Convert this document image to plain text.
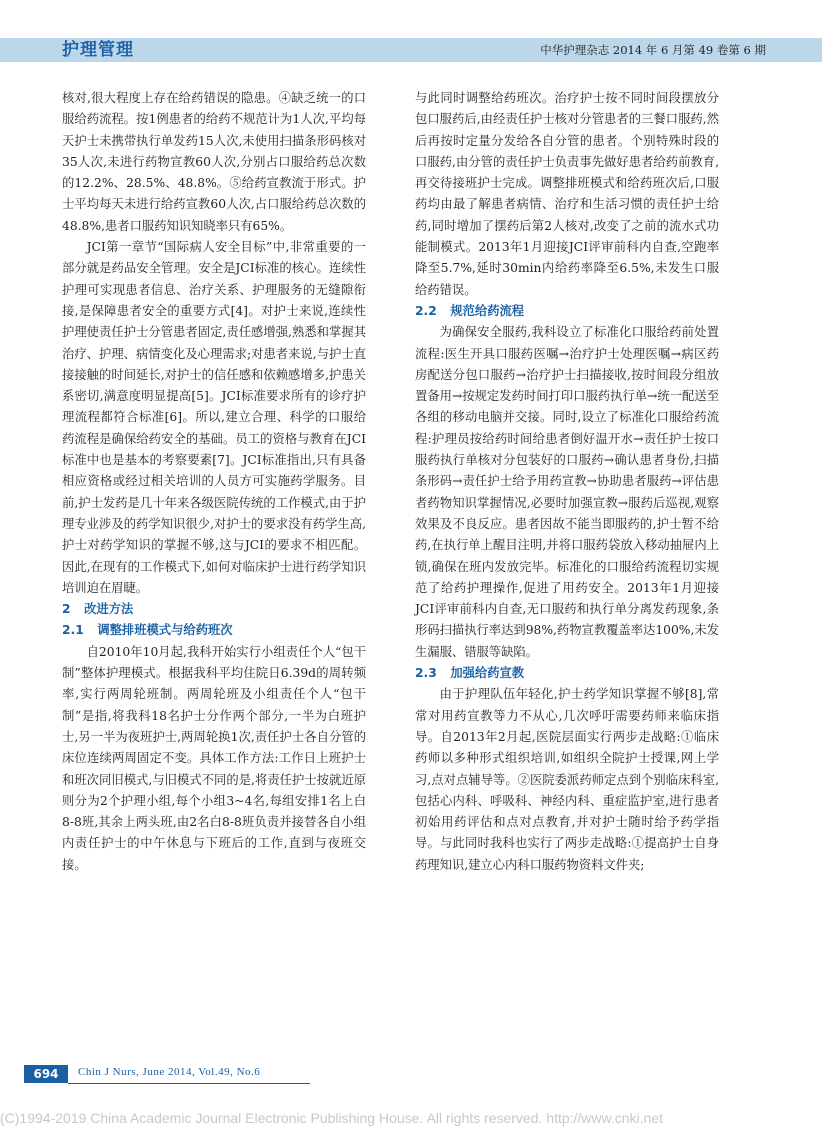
护理管理	中华护理杂志 2014 年 6 月第 49 卷第 6 期

核对,很大程度上存在给药错误的隐患。④缺乏统一的口服给药流程。按1例患者的给药不规范计为1人次,平均每天护士未携带执行单发药15人次,未使用扫描条形码核对35人次,未进行药物宣教60人次,分别占口服给药总次数的12.2%、28.5%、48.8%。⑤给药宣教流于形式。护士平均每天未进行给药宣教60人次,占口服给药总次数的48.8%,患者口服药知识知晓率只有65%。

JCI第一章节“国际病人安全目标”中,非常重要的一部分就是药品安全管理。安全是JCI标准的核心。连续性护理可实现患者信息、治疗关系、护理服务的无缝隙衔接,是保障患者安全的重要方式[4]。对护士来说,连续性护理使责任护士分管患者固定,责任感增强,熟悉和掌握其治疗、护理、病情变化及心理需求;对患者来说,与护士直接接触的时间延长,对护士的信任感和依赖感增多,护患关系密切,满意度明显提高[5]。JCI标准要求所有的诊疗护理流程都符合标准[6]。所以,建立合理、科学的口服给药流程是确保给药安全的基础。员工的资格与教育在JCI标准中也是基本的考察要素[7]。JCI标准指出,只有具备相应资格或经过相关培训的人员方可实施药学服务。目前,护士发药是几十年来各级医院传统的工作模式,由于护理专业涉及的药学知识很少,对护士的要求没有药学生高,护士对药学知识的掌握不够,这与JCI的要求不相匹配。因此,在现有的工作模式下,如何对临床护士进行药学知识培训迫在眉睫。

2 改进方法

2.1 调整排班模式与给药班次

自2010年10月起,我科开始实行小组责任个人“包干制”整体护理模式。根据我科平均住院日6.39d的周转频率,实行两周轮班制。两周轮班及小组责任个人“包干制”是指,将我科18名护士分作两个部分,一半为白班护士,另一半为夜班护士,两周轮换1次,责任护士各自分管的床位连续两周固定不变。具体工作方法:工作日上班护士和班次同旧模式,与旧模式不同的是,将责任护士按就近原则分为2个护理小组,每个小组3~4名,每组安排1名上白8-8班,其余上两头班,由2名白8-8班负责并接替各自小组内责任护士的中午休息与下班后的工作,直到与夜班交接。

与此同时调整给药班次。治疗护士按不同时间段摆放分包口服药后,由经责任护士核对分管患者的三餐口服药,然后再按时定量分发给各自分管的患者。个别特殊时段的口服药,由分管的责任护士负责事先做好患者给药前教育,再交待接班护士完成。调整排班模式和给药班次后,口服药均由最了解患者病情、治疗和生活习惯的责任护士给药,同时增加了摆药后第2人核对,改变了之前的流水式功能制模式。2013年1月迎接JCI评审前科内自查,空跑率降至5.7%,延时30min内给药率降至6.5%,未发生口服给药错误。

2.2 规范给药流程

为确保安全服药,我科设立了标准化口服给药前处置流程:医生开具口服药医嘱→治疗护士处理医嘱→病区药房配送分包口服药→治疗护士扫描接收,按时间段分组放置备用→按规定发药时间打印口服药执行单→统一配送至各组的移动电脑并交接。同时,设立了标准化口服给药流程:护理员按给药时间给患者倒好温开水→责任护士按口服药执行单核对分包装好的口服药→确认患者身份,扫描条形码→责任护士给予用药宣教→协助患者服药→评估患者药物知识掌握情况,必要时加强宣教→服药后巡视,观察效果及不良反应。患者因故不能当即服药的,护士暂不给药,在执行单上醒目注明,并将口服药袋放入移动抽屉内上锁,确保在班内发放完毕。标准化的口服给药流程切实规范了给药护理操作,促进了用药安全。2013年1月迎接JCI评审前科内自查,无口服药和执行单分离发药现象,条形码扫描执行率达到98%,药物宣教覆盖率达100%,未发生漏服、错服等缺陷。

2.3 加强给药宣教

由于护理队伍年轻化,护士药学知识掌握不够[8],常常对用药宣教等力不从心,几次呼吁需要药师来临床指导。自2013年2月起,医院层面实行两步走战略:①临床药师以多种形式组织培训,如组织全院护士授课,网上学习,点对点辅导等。②医院委派药师定点到个别临床科室,包括心内科、呼吸科、神经内科、重症监护室,进行患者初始用药评估和点对点教育,并对护士随时给予药学指导。与此同时我科也实行了两步走战略:①提高护士自身药理知识,建立心内科口服药物资料文件夹;

694	Chin J Nurs, June 2014, Vol.49, No.6
(C)1994-2019 China Academic Journal Electronic Publishing House. All rights reserved. http://www.cnki.net
